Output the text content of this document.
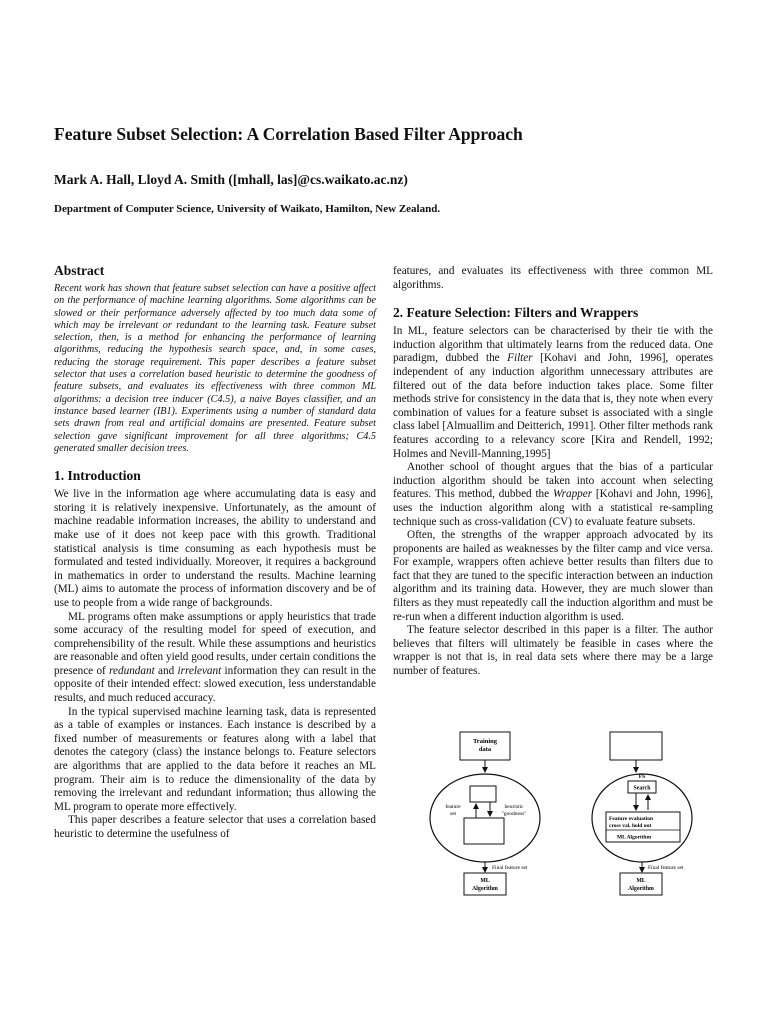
Feature Subset Selection: A Correlation Based Filter Approach
Mark A. Hall, Lloyd A. Smith ([mhall, las]@cs.waikato.ac.nz)
Department of Computer Science, University of Waikato, Hamilton, New Zealand.
Abstract

Recent work has shown that feature subset selection can have a positive affect on the performance of machine learning algorithms. Some algorithms can be slowed or their performance adversely affected by too much data some of which may be irrelevant or redundant to the learning task. Feature subset selection, then, is a method for enhancing the performance of learning algorithms, reducing the hypothesis search space, and, in some cases, reducing the storage requirement. This paper describes a feature subset selector that uses a correlation based heuristic to determine the goodness of feature subsets, and evaluates its effectiveness with three common ML algorithms: a decision tree inducer (C4.5), a naive Bayes classifier, and an instance based learner (IB1). Experiments using a number of standard data sets drawn from real and artificial domains are presented. Feature subset selection gave significant improvement for all three algorithms; C4.5 generated smaller decision trees.

1. Introduction

We live in the information age where accumulating data is easy and storing it is relatively inexpensive. Unfortunately, as the amount of machine readable information increases, the ability to understand and make use of it does not keep pace with this growth. Traditional statistical analysis is time consuming as each hypothesis must be formulated and tested individually. Moreover, it requires a background in mathematics in order to understand the results. Machine learning (ML) aims to automate the process of information discovery and be of use to people from a wide range of backgrounds.

ML programs often make assumptions or apply heuristics that trade some accuracy of the resulting model for speed of execution, and comprehensibility of the result. While these assumptions and heuristics are reasonable and often yield good results, under certain conditions the presence of redundant and irrelevant information they can result in the opposite of their intended effect: slowed execution, less understandable results, and much reduced accuracy.

In the typical supervised machine learning task, data is represented as a table of examples or instances. Each instance is described by a fixed number of measurements or features along with a label that denotes the category (class) the instance belongs to. Feature selectors are algorithms that are applied to the data before it reaches an ML program. Their aim is to reduce the dimensionality of the data by removing the irrelevant and redundant information; thus allowing the ML program to operate more effectively.

This paper describes a feature selector that uses a correlation based heuristic to determine the usefulness of

features, and evaluates its effectiveness with three common ML algorithms.

2. Feature Selection: Filters and Wrappers

In ML, feature selectors can be characterised by their tie with the induction algorithm that ultimately learns from the reduced data. One paradigm, dubbed the Filter [Kohavi and John, 1996], operates independent of any induction algorithm unnecessary attributes are filtered out of the data before induction takes place. Some filter methods strive for consistency in the data that is, they note when every combination of values for a feature subset is associated with a single class label [Almuallim and Deitterich, 1991]. Other filter methods rank features according to a relevancy score [Kira and Rendell, 1992; Holmes and Nevill-Manning,1995]

Another school of thought argues that the bias of a particular induction algorithm should be taken into account when selecting features. This method, dubbed the Wrapper [Kohavi and John, 1996], uses the induction algorithm along with a statistical re-sampling technique such as cross-validation (CV) to evaluate feature subsets.

Often, the strengths of the wrapper approach advocated by its proponents are hailed as weaknesses by the filter camp and vice versa. For example, wrappers often achieve better results than filters due to fact that they are tuned to the specific interaction between an induction algorithm and its training data. However, they are much slower than filters as they must repeatedly call the induction algorithm and must be re-run when a different induction algorithm is used.

The feature selector described in this paper is a filter. The author believes that filters will ultimately be feasible in cases where the wrapper is not that is, in real data sets where there may be a large number of features.

Training
data
feature
set
heuristic
"goodness"
Final feature set
ML
Algorithm
FS
Search
Feature evaluation
cross val, hold out
ML Algorithm
Final feature set
ML
Algorithm
